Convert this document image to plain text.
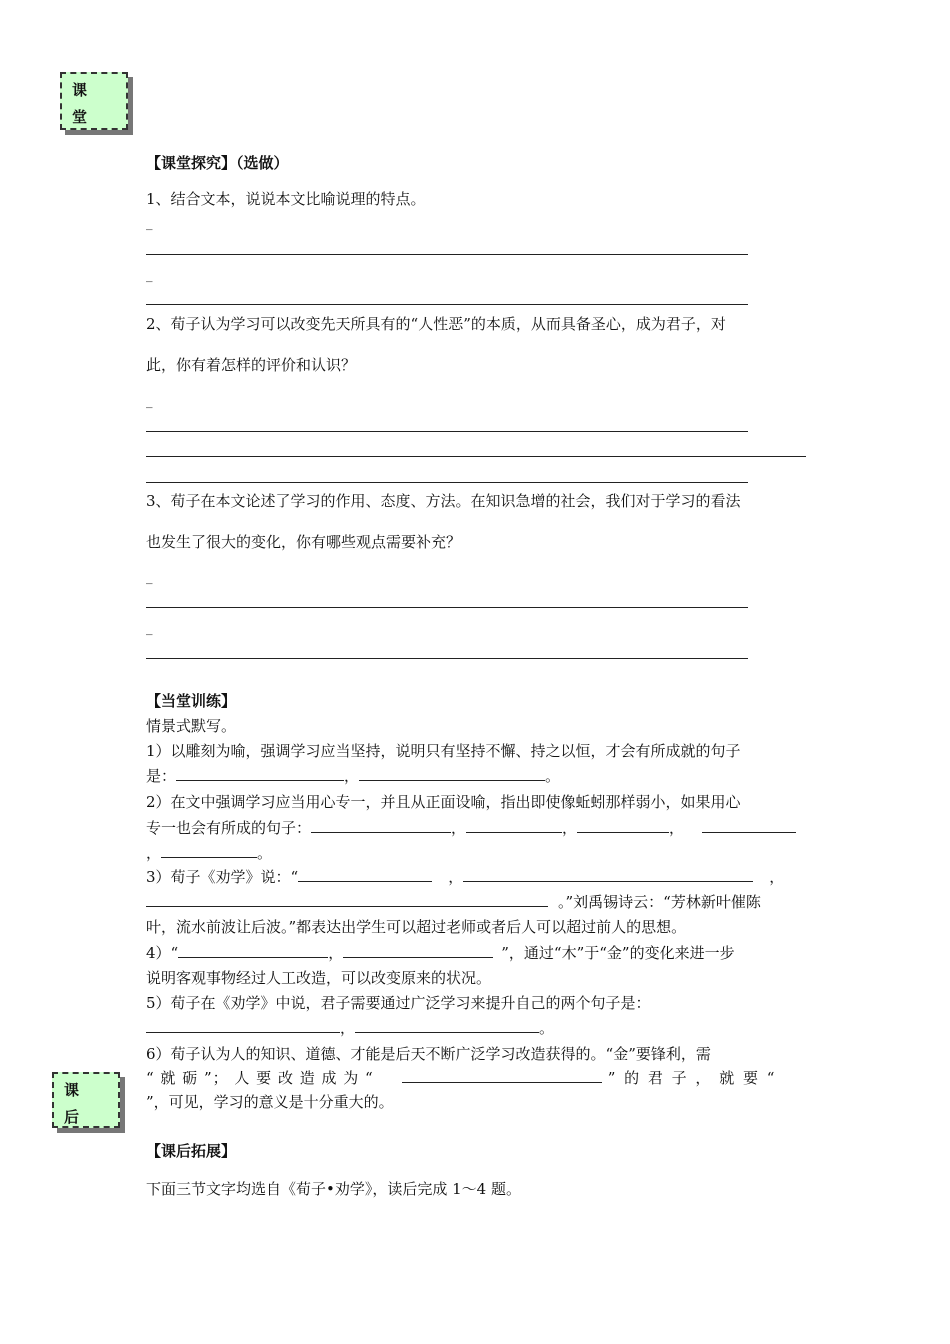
课
堂
【课堂探究】（选做）
1、结合文本，说说本文比喻说理的特点。
_
_
2、荀子认为学习可以改变先天所具有的“人性恶”的本质，从而具备圣心，成为君子，对
此，你有着怎样的评价和认识？
_
3、荀子在本文论述了学习的作用、态度、方法。在知识急增的社会，我们对于学习的看法
也发生了很大的变化，你有哪些观点需要补充？
_
_
【当堂训练】
情景式默写。
1）以雕刻为喻，强调学习应当坚持，说明只有坚持不懈、持之以恒，才会有所成就的句子
是：	，	。
2）在文中强调学习应当用心专一，并且从正面设喻，指出即使像蚯蚓那样弱小，如果用心
专一也会有所成的句子：	，	，	，
，	。
3）荀子《劝学》说：“	，	，
。”刘禹锡诗云：“芳林新叶催陈
叶，流水前波让后波。”都表达出学生可以超过老师或者后人可以超过前人的思想。
4）“	，	”，通过“木”于“金”的变化来进一步
说明客观事物经过人工改造，可以改变原来的状况。
5）荀子在《劝学》中说，君子需要通过广泛学习来提升自己的两个句子是：
，	。
6）荀子认为人的知识、道德、才能是后天不断广泛学习改造获得的。“金”要锋利，需
“ 就 砺 ”； 人 要 改 造 成 为 “	” 的 君 子 ， 就 要 “
”，可见，学习的意义是十分重大的。
课
后
【课后拓展】
下面三节文字均选自《荀子•劝学》，读后完成 1～4 题。
